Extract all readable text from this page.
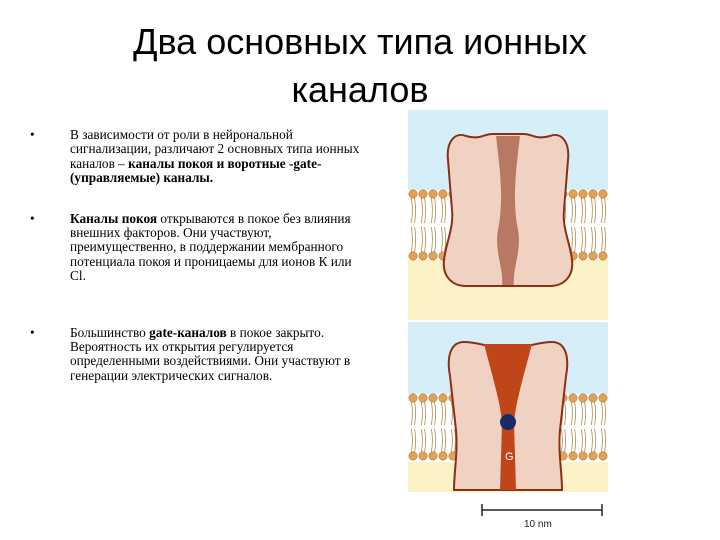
Два основных типа ионных
каналов
•	В зависимости от роли в нейрональной сигнализации, различают 2 основных типа ионных каналов – каналы покоя и воротные -gate- (управляемые) каналы.
•	Каналы покоя открываются в покое без влияния внешних факторов. Они участвуют, преимущественно, в поддержании мембранного потенциала покоя и проницаемы для ионов К или Cl.
•	Большинство gate-каналов в покое закрыто. Вероятность их открытия регулируется определенными воздействиями. Они участвуют в генерации электрических сигналов.
G
10 nm
